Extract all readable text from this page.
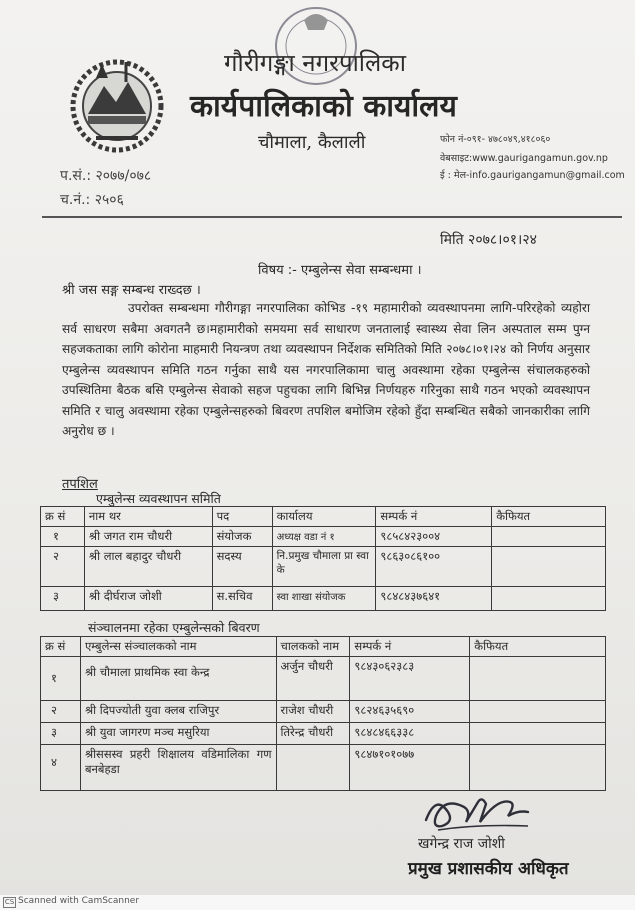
गौरीगङ्गा नगरपालिका
कार्यपालिकाको कार्यालय
चौमाला, कैलाली	फोन नं-०९१- ४७८०४९,४१८०६०
वेबसाइट:www.gaurigangamun.gov.np
ई : मेल-info.gaurigangamun@gmail.com
प.सं.: २०७७/०७८
च.नं.: २५०६
मिति २०७८।०१।२४
विषय :- एम्बुलेन्स सेवा सम्बन्धमा ।
श्री जस सङ्ग सम्बन्ध राख्दछ ।
उपरोक्त सम्बन्धमा गौरीगङ्गा नगरपालिका कोभिड -१९ महामारीको व्यवस्थापनमा लागि-परिरहेको व्यहोरा सर्व साधरण सबैमा अवगतनै छ।महामारीको समयमा सर्व साधारण जनतालाई स्वास्थ्य सेवा लिन अस्पताल सम्म पुग्न सहजकताका लागि कोरोना माहमारी नियन्त्रण तथा व्यवस्थापन निर्देशक समितिको मिति २०७८।०१।२४ को निर्णय अनुसार एम्बुलेन्स व्यवस्थापन समिति गठन गर्नुका साथै यस नगरपालिकामा चालु अवस्थामा रहेका एम्बुलेन्स संचालकहरुको उपस्थितिमा बैठक बसि एम्बुलेन्स सेवाको सहज पहुचका लागि बिभिन्न निर्णयहरु गरिनुका साथै गठन भएको व्यवस्थापन समिति र चालु अवस्थामा रहेका एम्बुलेन्सहरुको बिवरण तपशिल बमोजिम रहेको हुँदा सम्बन्धित सबैको जानकारीका लागि अनुरोध छ ।
तपशिल
एम्बुलेन्स व्यवस्थापन समिति
क्र सं	नाम थर	पद	कार्यालय	सम्पर्क नं	कैफियत
१	श्री जगत राम चौधरी	संयोजक	अध्यक्ष वडा नं १	९८५८४२३००४	
२	श्री लाल बहादुर चौधरी	सदस्य	नि.प्रमुख चौमाला प्रा स्वा के	९८६३०८६१००	
३	श्री दीर्घराज जोशी	स.सचिव	स्वा शाखा संयोजक	९८४८४३७६४१	
संञ्चालनमा रहेका एम्बुलेन्सको बिवरण
क्र सं	एम्बुलेन्स संञ्चालकको नाम	चालकको नाम	सम्पर्क नं	कैफियत
१	श्री चौमाला प्राथमिक स्वा केन्द्र	अर्जुन चौधरी	९८४३०६२३८३	
२	श्री दिपज्योती युवा क्लब राजिपुर	राजेश चौधरी	९८२४६३५६९०	
३	श्री युवा जागरण मञ्च मसुरिया	तिरेन्द्र चौधरी	९८४८४६६३३८	
४	श्रीससस्व प्रहरी शिक्षालय वडिमालिका गण बनबेहडा		९८४७१०१०७७	
खगेन्द्र राज जोशी
प्रमुख प्रशासकीय अधिकृत
CS Scanned with CamScanner
